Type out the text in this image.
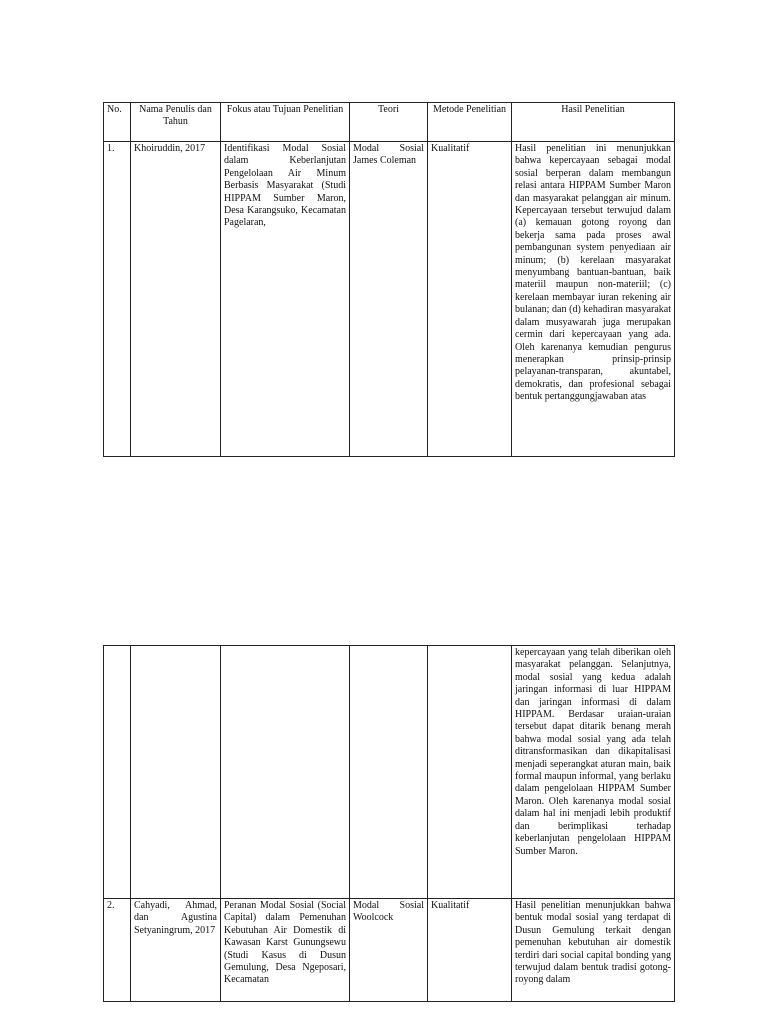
No.	Nama Penulis dan Tahun	Fokus atau Tujuan Penelitian	Teori	Metode Penelitian	Hasil Penelitian
1.	Khoiruddin, 2017	Identifikasi Modal Sosial dalam Keberlanjutan Pengelolaan Air Minum Berbasis Masyarakat (Studi HIPPAM Sumber Maron, Desa Karangsuko, Kecamatan Pagelaran,	Modal Sosial James Coleman	Kualitatif	Hasil penelitian ini menunjukkan bahwa kepercayaan sebagai modal sosial berperan dalam membangun relasi antara HIPPAM Sumber Maron dan masyarakat pelanggan air minum. Kepercayaan tersebut terwujud dalam (a) kemauan gotong royong dan bekerja sama pada proses awal pembangunan system penyediaan air minum; (b) kerelaan masyarakat menyumbang bantuan-bantuan, baik materiil maupun non-materiil; (c) kerelaan membayar iuran rekening air bulanan; dan (d) kehadiran masyarakat dalam musyawarah juga merupakan cermin dari kepercayaan yang ada. Oleh karenanya kemudian pengurus menerapkan prinsip-prinsip pelayanan-transparan, akuntabel, demokratis, dan profesional sebagai bentuk pertanggungjawaban atas
					kepercayaan yang telah diberikan oleh masyarakat pelanggan. Selanjutnya, modal sosial yang kedua adalah jaringan informasi di luar HIPPAM dan jaringan informasi di dalam HIPPAM. Berdasar uraian-uraian tersebut dapat ditarik benang merah bahwa modal sosial yang ada telah ditransformasikan dan dikapitalisasi menjadi seperangkat aturan main, baik formal maupun informal, yang berlaku dalam pengelolaan HIPPAM Sumber Maron. Oleh karenanya modal sosial dalam hal ini menjadi lebih produktif dan berimplikasi terhadap keberlanjutan pengelolaan HIPPAM Sumber Maron.
2.	Cahyadi, Ahmad, dan Agustina Setyaningrum, 2017	Peranan Modal Sosial (Social Capital) dalam Pemenuhan Kebutuhan Air Domestik di Kawasan Karst Gunungsewu (Studi Kasus di Dusun Gemulung, Desa Ngeposari, Kecamatan	Modal Sosial Woolcock	Kualitatif	Hasil penelitian menunjukkan bahwa bentuk modal sosial yang terdapat di Dusun Gemulung terkait dengan pemenuhan kebutuhan air domestik terdiri dari social capital bonding yang terwujud dalam bentuk tradisi gotong-royong dalam
